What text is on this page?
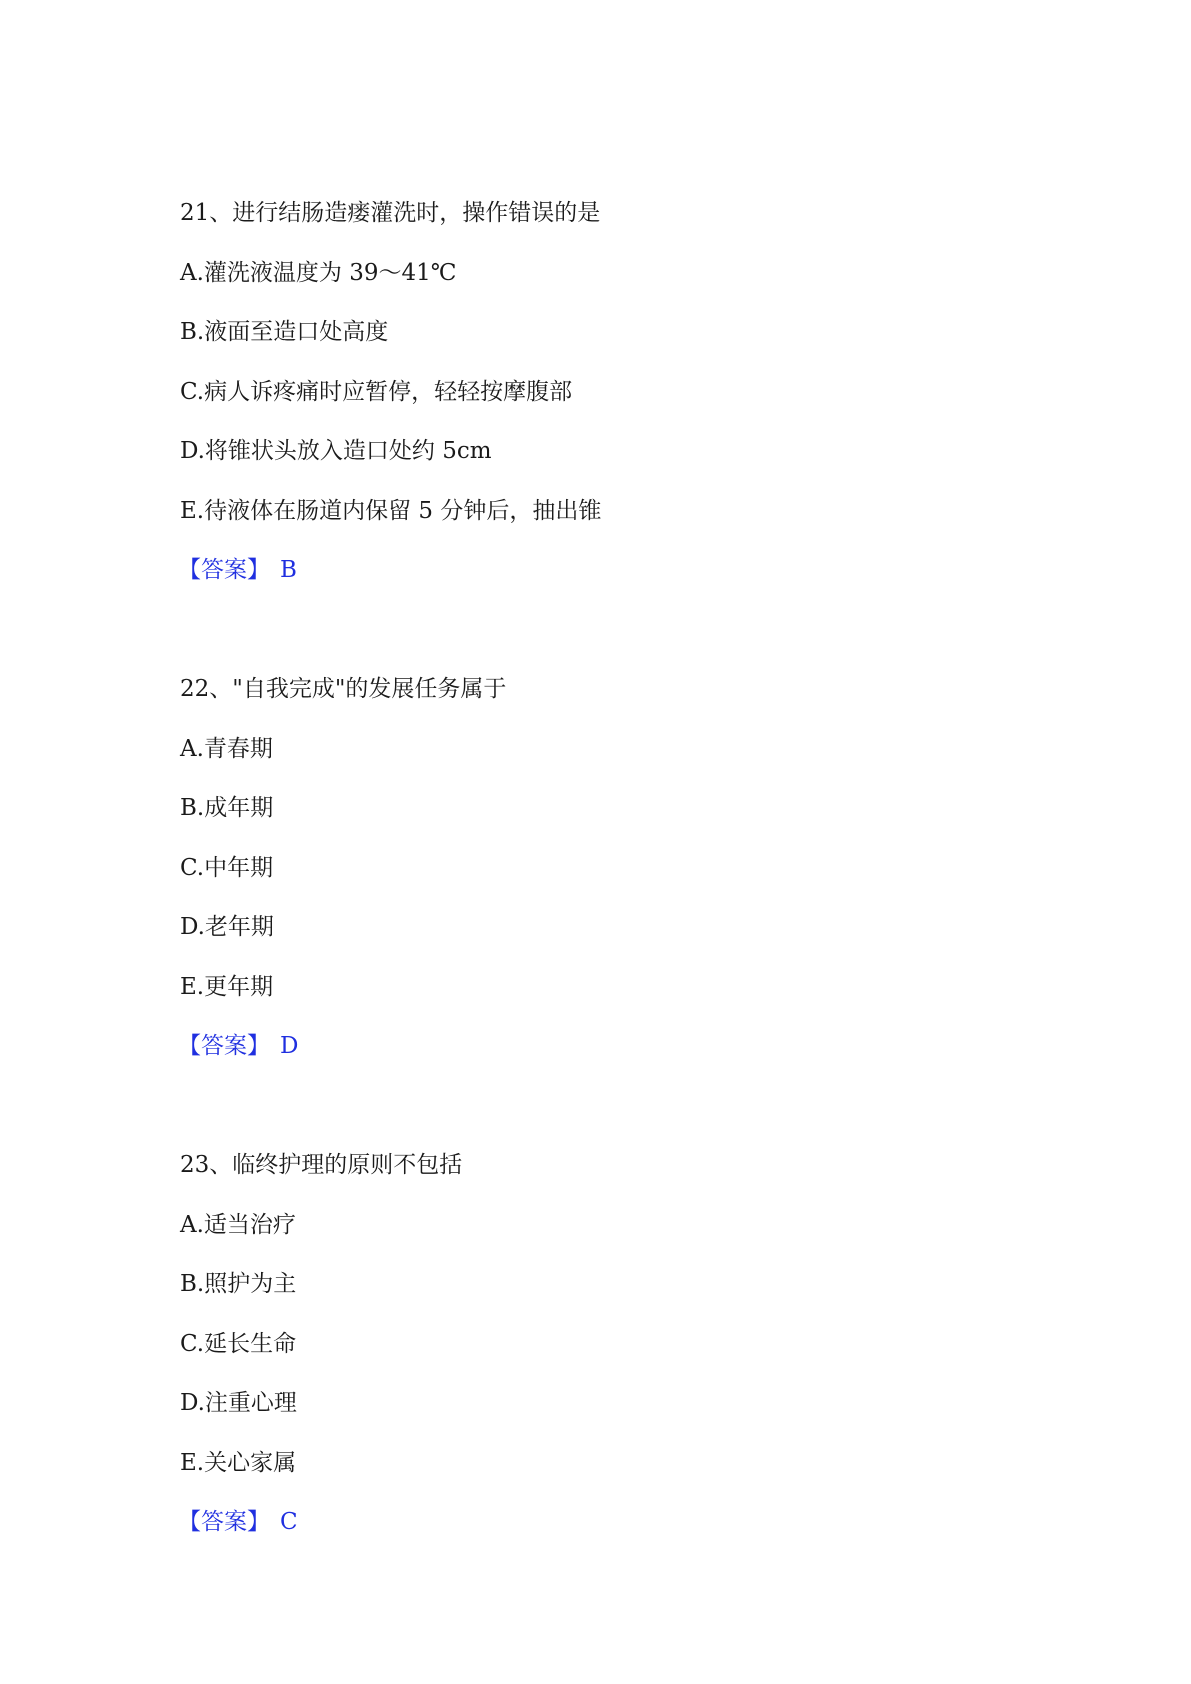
21、进行结肠造瘘灌洗时，操作错误的是
A.灌洗液温度为 39～41℃
B.液面至造口处高度
C.病人诉疼痛时应暂停，轻轻按摩腹部
D.将锥状头放入造口处约 5cm
E.待液体在肠道内保留 5 分钟后，抽出锥
【答案】 B
22、"自我完成"的发展任务属于
A.青春期
B.成年期
C.中年期
D.老年期
E.更年期
【答案】 D
23、临终护理的原则不包括
A.适当治疗
B.照护为主
C.延长生命
D.注重心理
E.关心家属
【答案】 C
